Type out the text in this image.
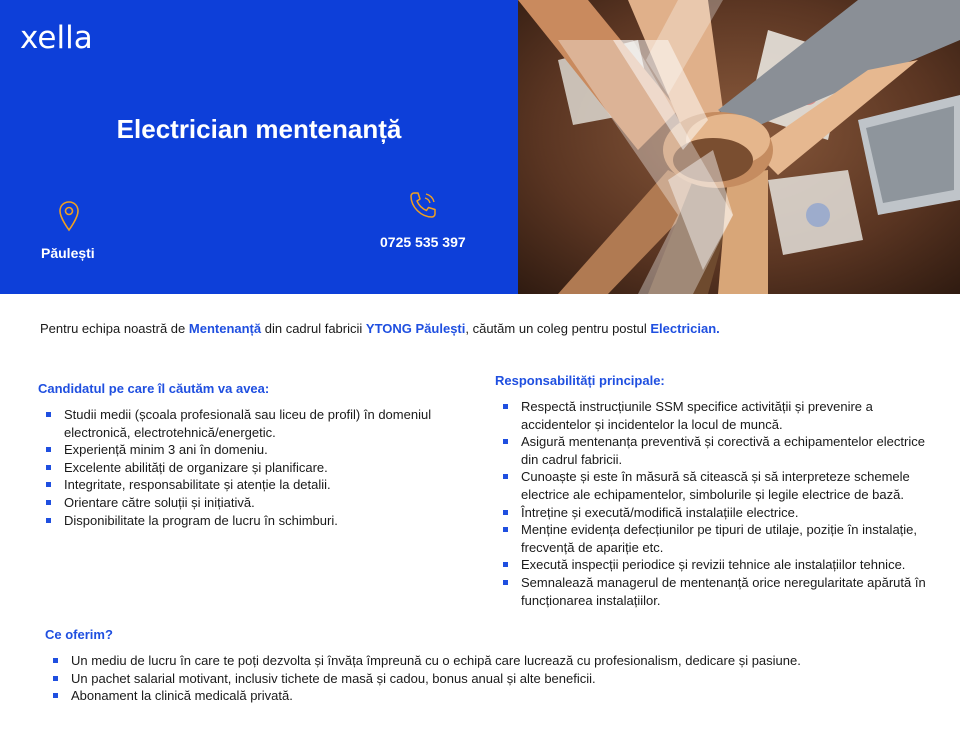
xella
Electrician mentenanță
Păulești
0725 535 397

Pentru echipa noastră de Mentenanță din cadrul fabricii YTONG Păulești, căutăm un coleg pentru postul Electrician.

Candidatul pe care îl căutăm va avea:
Studii medii (școala profesională sau liceu de profil) în domeniul electronică, electrotehnică/energetic.
Experiență minim 3 ani în domeniu.
Excelente abilități de organizare și planificare.
Integritate, responsabilitate și atenție la detalii.
Orientare către soluții și inițiativă.
Disponibilitate la program de lucru în schimburi.
Responsabilități principale:
Respectă instrucțiunile SSM specifice activității și prevenire a accidentelor și incidentelor la locul de muncă.
Asigură mentenanța preventivă și corectivă a echipamentelor electrice din cadrul fabricii.
Cunoaște și este în măsură să citească și să interpreteze schemele electrice ale echipamentelor, simbolurile și legile electrice de bază.
Întreține și execută/modifică instalațiile electrice.
Menține evidența defecțiunilor pe tipuri de utilaje, poziție în instalație, frecvență de apariție etc.
Execută inspecții periodice și revizii tehnice ale instalațiilor tehnice.
Semnalează managerul de mentenanță orice neregularitate apărută în funcționarea instalațiilor.
Ce oferim?
Un mediu de lucru în care te poți dezvolta și învăța împreună cu o echipă care lucrează cu profesionalism, dedicare și pasiune.
Un pachet salarial motivant, inclusiv tichete de masă și cadou, bonus anual și alte beneficii.
Abonament la clinică medicală privată.
